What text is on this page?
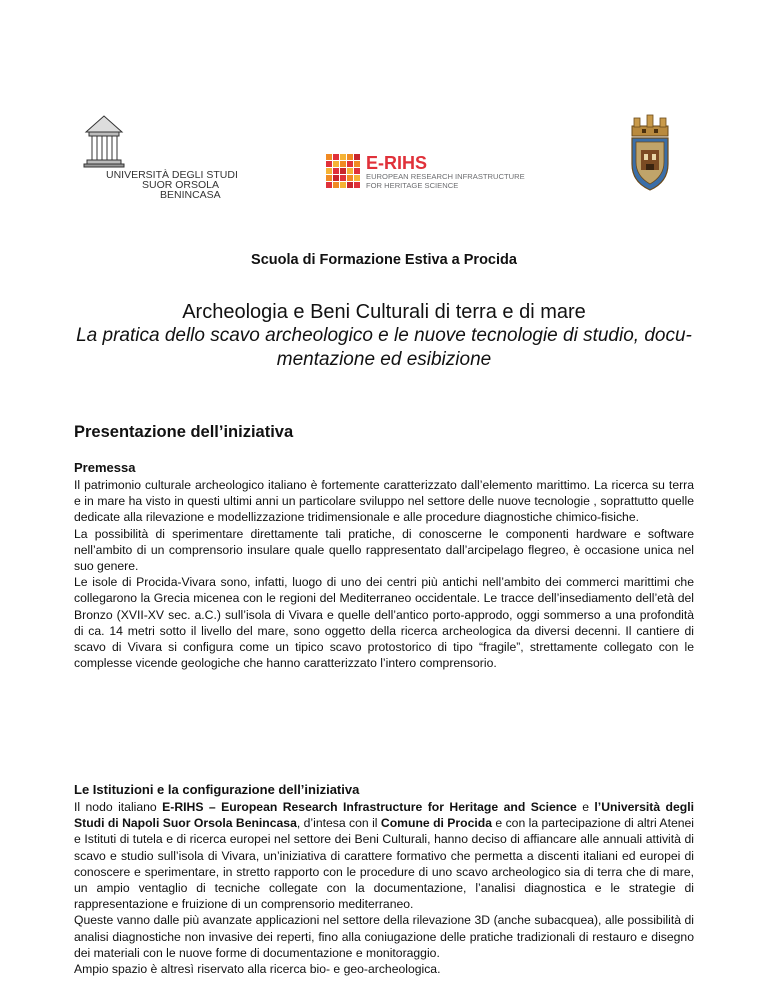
UNIVERSITÀ DEGLI STUDI
SUOR ORSOLA
BENINCASA
E-RIHS
EUROPEAN RESEARCH INFRASTRUCTURE
FOR HERITAGE SCIENCE
Scuola di Formazione Estiva a Procida
Archeologia e Beni Culturali di terra e di mare
La pratica dello scavo archeologico e le nuove tecnologie di studio, docu-
mentazione ed esibizione
Presentazione dell’iniziativa
Premessa

Il patrimonio culturale archeologico italiano è fortemente caratterizzato dall’elemento marittimo. La ricerca su terra e in mare ha visto in questi ultimi anni un particolare sviluppo nel settore delle nuove tecnologie , soprattutto quelle dedicate alla rilevazione e modellizzazione tridimensionale e alle procedure diagnostiche chimico-fisiche.

La possibilità di sperimentare direttamente tali pratiche, di conoscerne le componenti hardware e software nell’ambito di un comprensorio insulare quale quello rappresentato dall’arcipelago flegreo, è occasione unica nel suo genere.

Le isole di Procida-Vivara sono, infatti, luogo di uno dei centri più antichi nell’ambito dei commerci marittimi che collegarono la Grecia micenea con le regioni del Mediterraneo occidentale. Le tracce dell’insediamento dell’età del Bronzo (XVII-XV sec. a.C.) sull’isola di Vivara e quelle dell’antico porto-approdo, oggi sommerso a una profondità di ca. 14 metri sotto il livello del mare, sono oggetto della ricerca archeologica da diversi decenni. Il cantiere di scavo di Vivara si configura come un tipico scavo protostorico di tipo “fragile”, strettamente collegato con le complesse vicende geologiche che hanno caratterizzato l’intero comprensorio.

Le Istituzioni e la configurazione dell’iniziativa

Il nodo italiano E-RIHS – European Research Infrastructure for Heritage and Science e l’Università degli Studi di Napoli Suor Orsola Benincasa, d’intesa con il Comune di Procida e con la partecipazione di altri Atenei e Istituti di tutela e di ricerca europei nel settore dei Beni Culturali, hanno deciso di affiancare alle annuali attività di scavo e studio sull’isola di Vivara, un’iniziativa di carattere formativo che permetta a discenti italiani ed europei di conoscere e sperimentare, in stretto rapporto con le procedure di uno scavo archeologico sia di terra che di mare, un ampio ventaglio di tecniche collegate con la documentazione, l’analisi diagnostica e le strategie di rappresentazione e fruizione di un comprensorio mediterraneo.

Queste vanno dalle più avanzate applicazioni nel settore della rilevazione 3D (anche subacquea), alle possibilità di analisi diagnostiche non invasive dei reperti, fino alla coniugazione delle pratiche tradizionali di restauro e disegno dei materiali con le nuove forme di documentazione e monitoraggio.

Ampio spazio è altresì riservato alla ricerca bio- e geo-archeologica.
